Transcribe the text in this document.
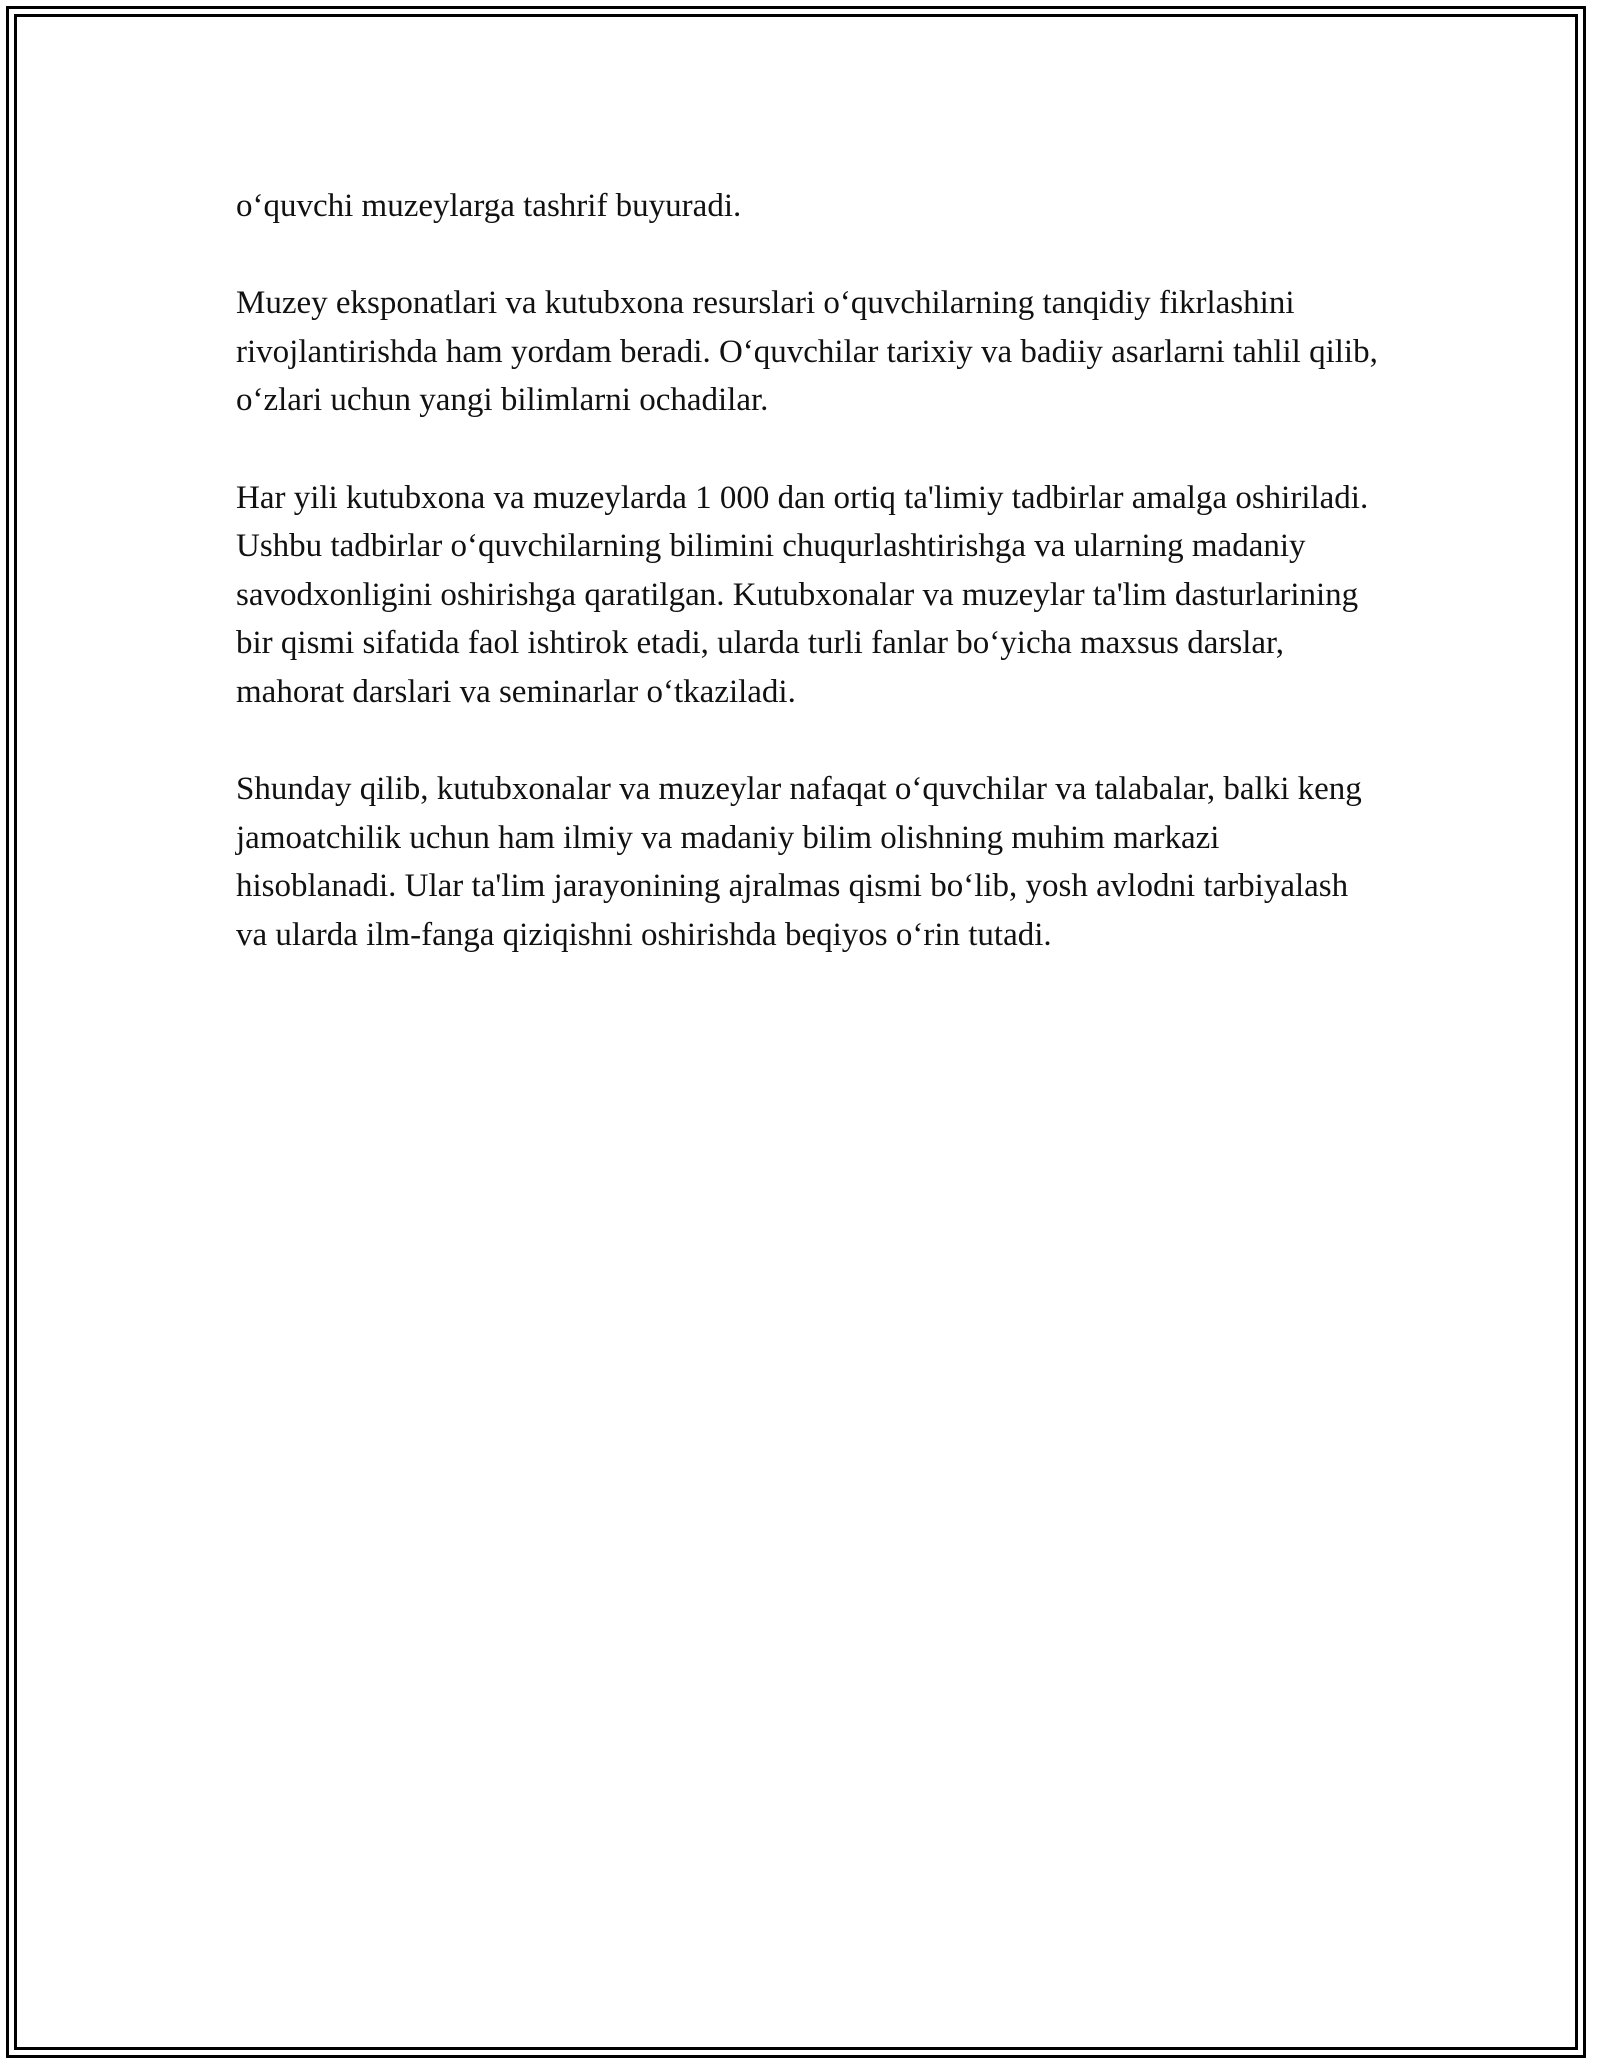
o‘quvchi muzeylarga tashrif buyuradi.

Muzey eksponatlari va kutubxona resurslari o‘quvchilarning tanqidiy fikrlashini rivojlantirishda ham yordam beradi. O‘quvchilar tarixiy va badiiy asarlarni tahlil qilib, o‘zlari uchun yangi bilimlarni ochadilar.

Har yili kutubxona va muzeylarda 1 000 dan ortiq ta'limiy tadbirlar amalga oshiriladi. Ushbu tadbirlar o‘quvchilarning bilimini chuqurlashtirishga va ularning madaniy savodxonligini oshirishga qaratilgan. Kutubxonalar va muzeylar ta'lim dasturlarining bir qismi sifatida faol ishtirok etadi, ularda turli fanlar bo‘yicha maxsus darslar, mahorat darslari va seminarlar o‘tkaziladi.

Shunday qilib, kutubxonalar va muzeylar nafaqat o‘quvchilar va talabalar, balki keng jamoatchilik uchun ham ilmiy va madaniy bilim olishning muhim markazi hisoblanadi. Ular ta'lim jarayonining ajralmas qismi bo‘lib, yosh avlodni tarbiyalash va ularda ilm-fanga qiziqishni oshirishda beqiyos o‘rin tutadi.
